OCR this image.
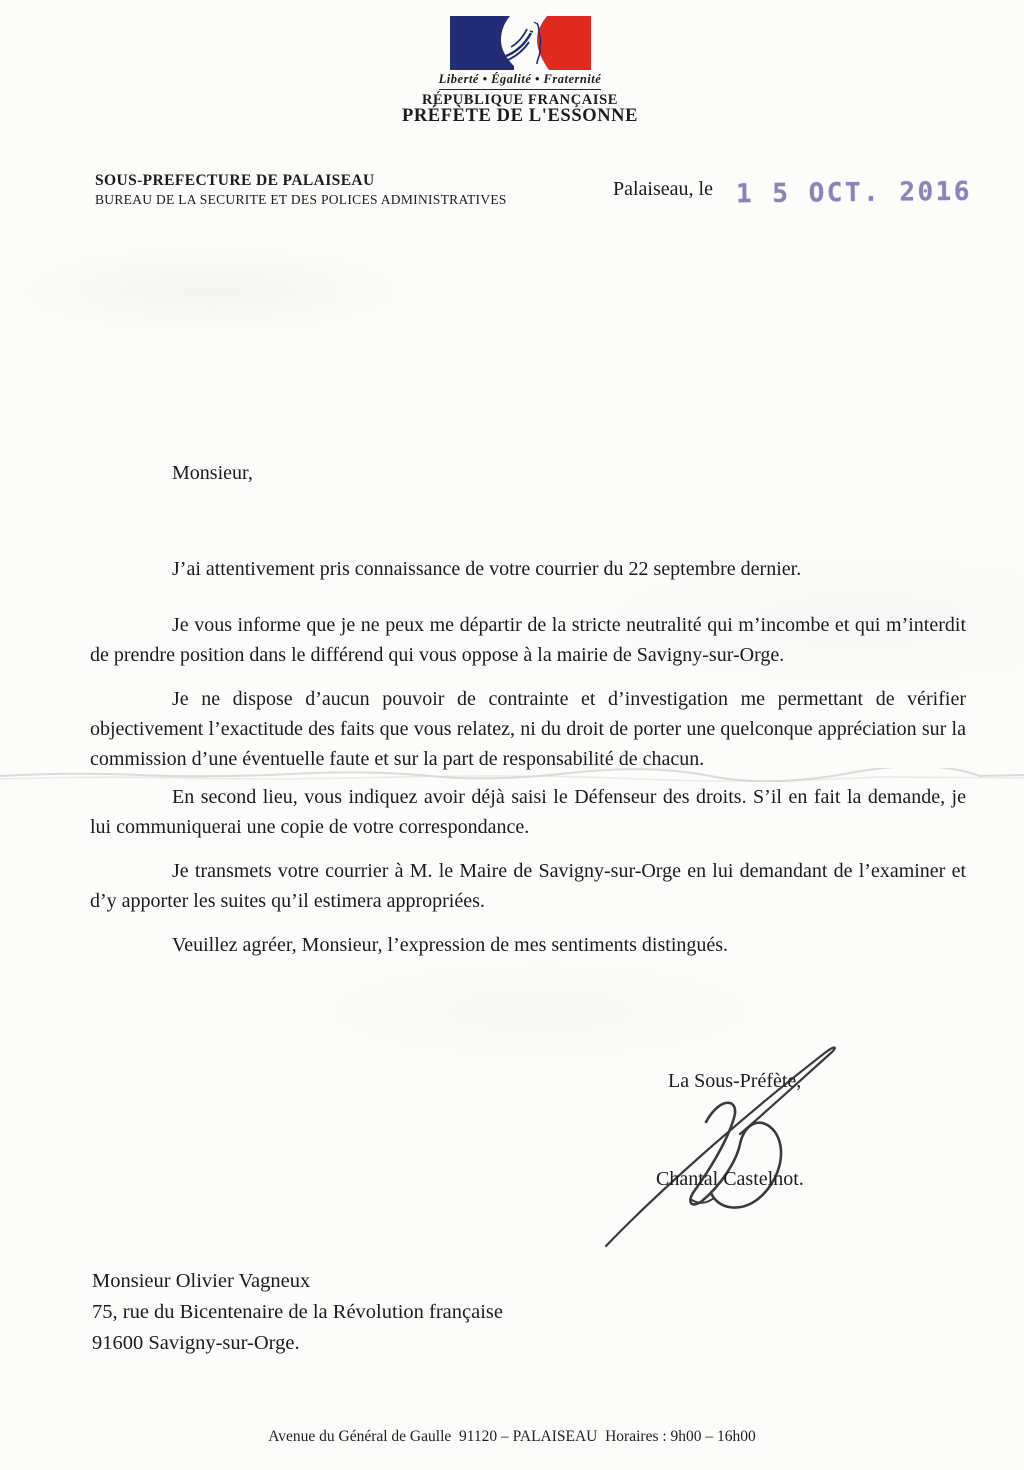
Liberté • Égalité • Fraternité
RÉPUBLIQUE FRANÇAISE
PRÉFÈTE DE L'ESSONNE
SOUS-PREFECTURE DE PALAISEAU
BUREAU DE LA SECURITE ET DES POLICES ADMINISTRATIVES	Palaiseau, le 1 5 OCT. 2016

Monsieur,

J’ai attentivement pris connaissance de votre courrier du 22 septembre dernier.

Je vous informe que je ne peux me départir de la stricte neutralité qui m’incombe et qui m’interdit de prendre position dans le différend qui vous oppose à la mairie de Savigny-sur-Orge.

Je ne dispose d’aucun pouvoir de contrainte et d’investigation me permettant de vérifier objectivement l’exactitude des faits que vous relatez, ni du droit de porter une quelconque appréciation sur la commission d’une éventuelle faute et sur la part de responsabilité de chacun.

En second lieu, vous indiquez avoir déjà saisi le Défenseur des droits. S’il en fait la demande, je lui communiquerai une copie de votre correspondance.

Je transmets votre courrier à M. le Maire de Savigny-sur-Orge en lui demandant de l’examiner et d’y apporter les suites qu’il estimera appropriées.

Veuillez agréer, Monsieur, l’expression de mes sentiments distingués.

La Sous-Préfète,
Chantal Castelnot.
Monsieur Olivier Vagneux
75, rue du Bicentenaire de la Révolution française
91600 Savigny-sur-Orge.
Avenue du Général de Gaulle  91120 – PALAISEAU  Horaires : 9h00 – 16h00
